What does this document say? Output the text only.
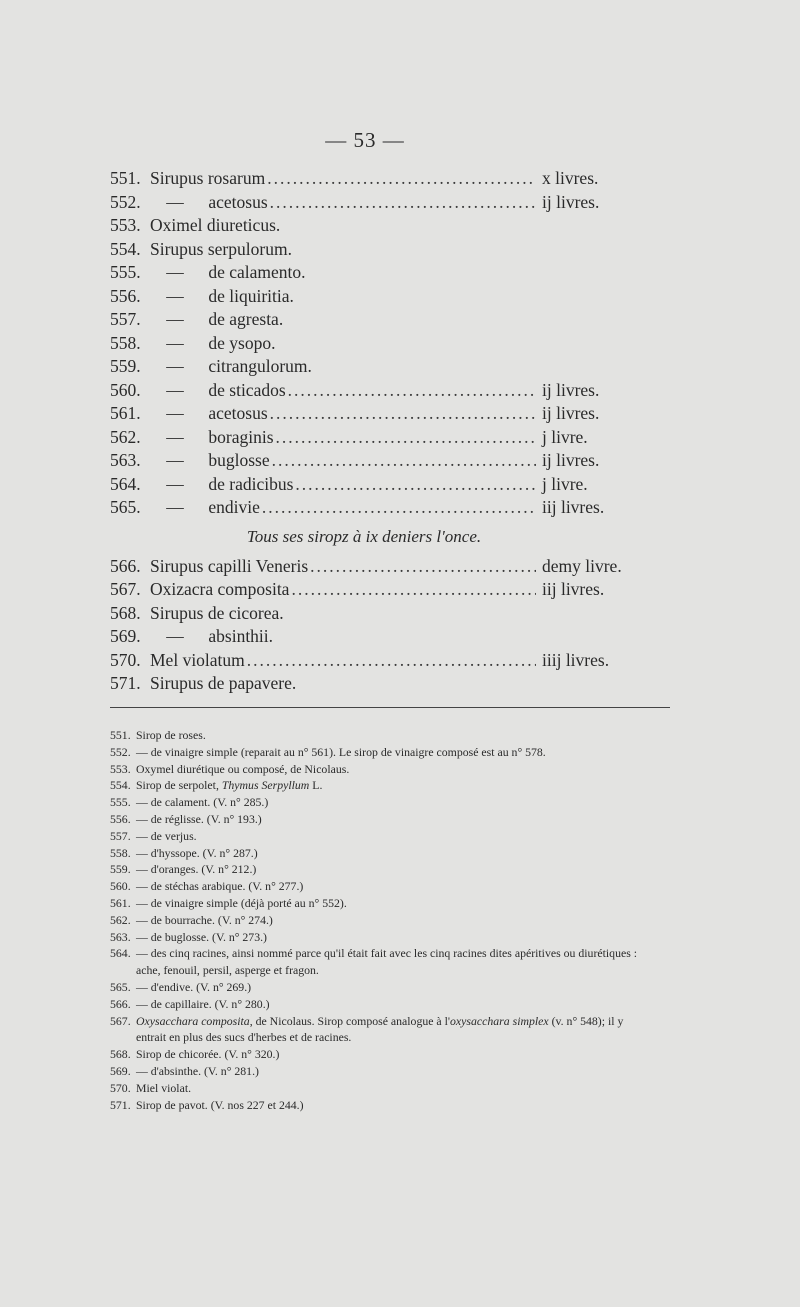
— 53 —
551. Sirupus rosarum .....	x livres.
552.	— acetosus .....	ij livres.
553. Oximel diureticus.
554. Sirupus serpulorum.
555.	— de calamento.
556.	— de liquiritia.
557.	— de agresta.
558.	— de ysopo.
559.	— citrangulorum.
560.	— de sticados .....	ij livres.
561.	— acetosus .....	ij livres.
562.	— boraginis .....	j livre.
563.	— buglosse .....	ij livres.
564.	— de radicibus .....	j livre.
565.	— endivie .....	iij livres.
Tous ses siropz à ix deniers l'once.
566. Sirupus capilli Veneris .....	demy livre.
567. Oxizacra composita .....	iij livres.
568. Sirupus de cicorea.
569.	— absinthii.
570. Mel violatum .....	iiij livres.
571. Sirupus de papavere.
551. Sirop de roses.
552. — de vinaigre simple (reparait au n° 561). Le sirop de vinaigre composé est au n° 578.
553. Oxymel diurétique ou composé, de Nicolaus.
554. Sirop de serpolet, Thymus Serpyllum L.
555. — de calament. (V. n° 285.)
556. — de réglisse. (V. n° 193.)
557. — de verjus.
558. — d'hyssope. (V. n° 287.)
559. — d'oranges. (V. n° 212.)
560. — de stéchas arabique. (V. n° 277.)
561. — de vinaigre simple (déjà porté au n° 552).
562. — de bourrache. (V. n° 274.)
563. — de buglosse. (V. n° 273.)
564. — des cinq racines, ainsi nommé parce qu'il était fait avec les cinq racines dites apéritives ou diurétiques : ache, fenouil, persil, asperge et fragon.
565. — d'endive. (V. n° 269.)
566. — de capillaire. (V. n° 280.)
567. Oxysacchara composita, de Nicolaus. Sirop composé analogue à l'oxysacchara simplex (v. n° 548); il y entrait en plus des sucs d'herbes et de racines.
568. Sirop de chicorée. (V. n° 320.)
569. — d'absinthe. (V. n° 281.)
570. Miel violat.
571. Sirop de pavot. (V. nos 227 et 244.)
